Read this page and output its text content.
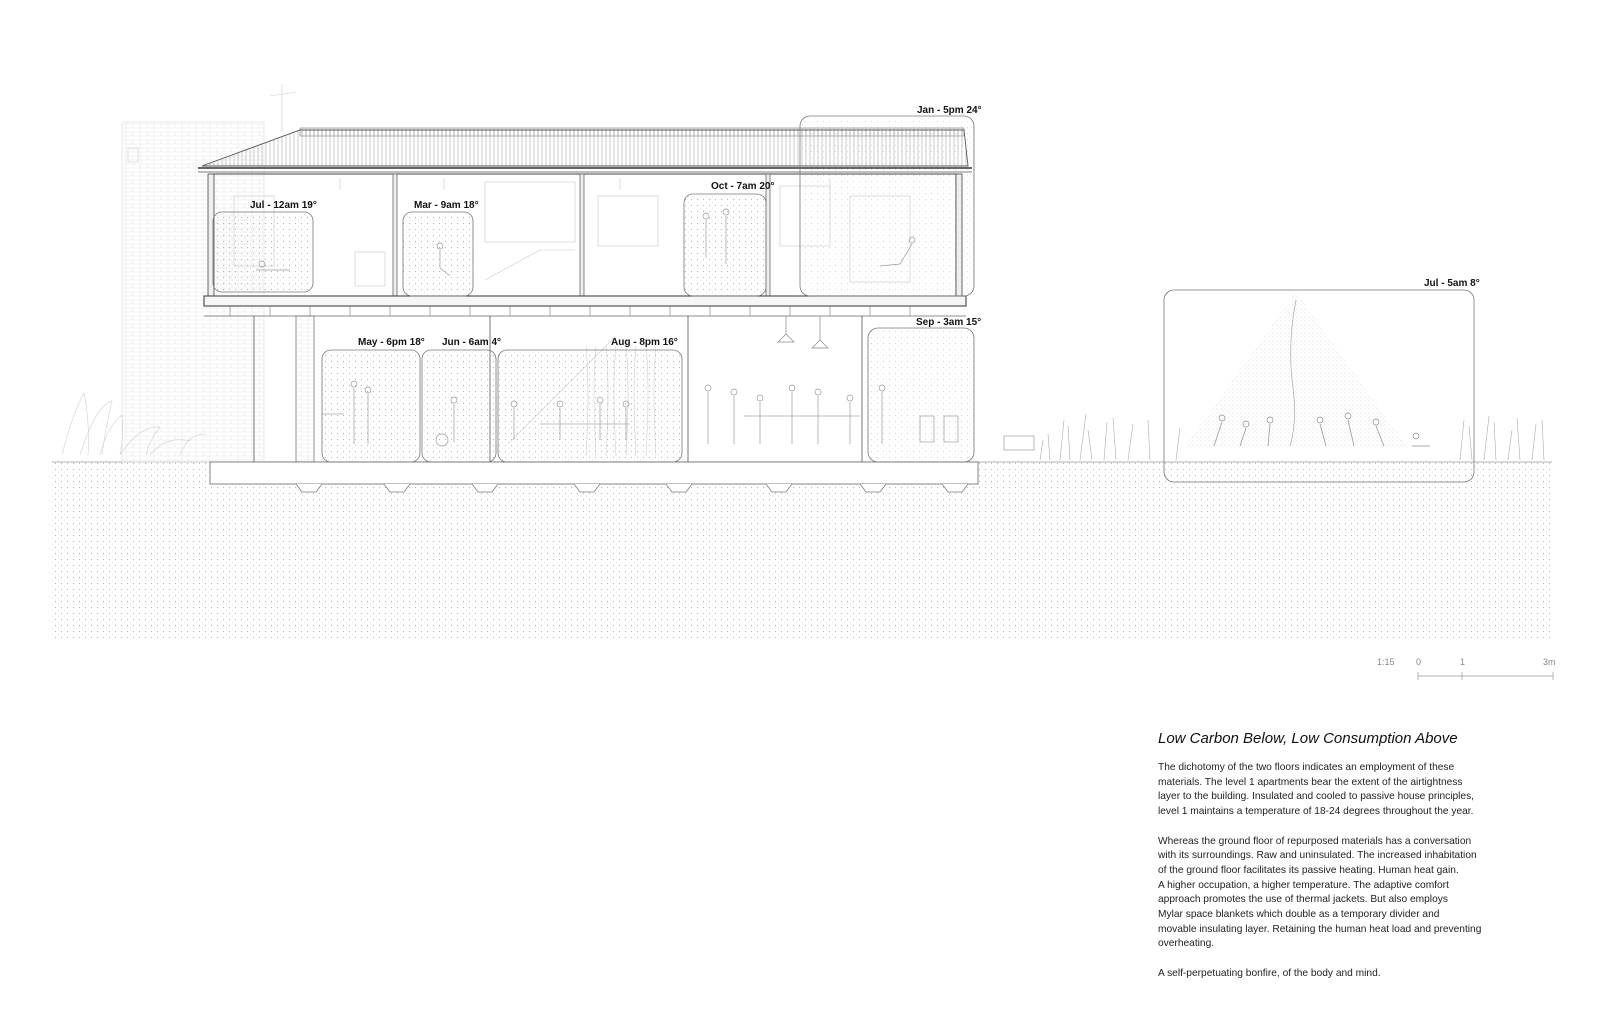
Jan - 5pm 24°
Jul - 12am 19°	Mar - 9am 18°
Oct - 7am 20°
Sep - 3am 15°
May - 6pm 18° Jun - 6am 4°	Aug - 8pm 16°
Jul - 5am 8°
1:15 0	1	3m
Low Carbon Below, Low Consumption Above

The dichotomy of the two floors indicates an employment of these
materials. The level 1 apartments bear the extent of the airtightness
layer to the building. Insulated and cooled to passive house principles,
level 1 maintains a temperature of 18-24 degrees throughout the year.

Whereas the ground floor of repurposed materials has a conversation
with its surroundings. Raw and uninsulated. The increased inhabitation
of the ground floor facilitates its passive heating. Human heat gain.
A higher occupation, a higher temperature. The adaptive comfort
approach promotes the use of thermal jackets. But also employs
Mylar space blankets which double as a temporary divider and
movable insulating layer. Retaining the human heat load and preventing
overheating.

A self-perpetuating bonfire, of the body and mind.
